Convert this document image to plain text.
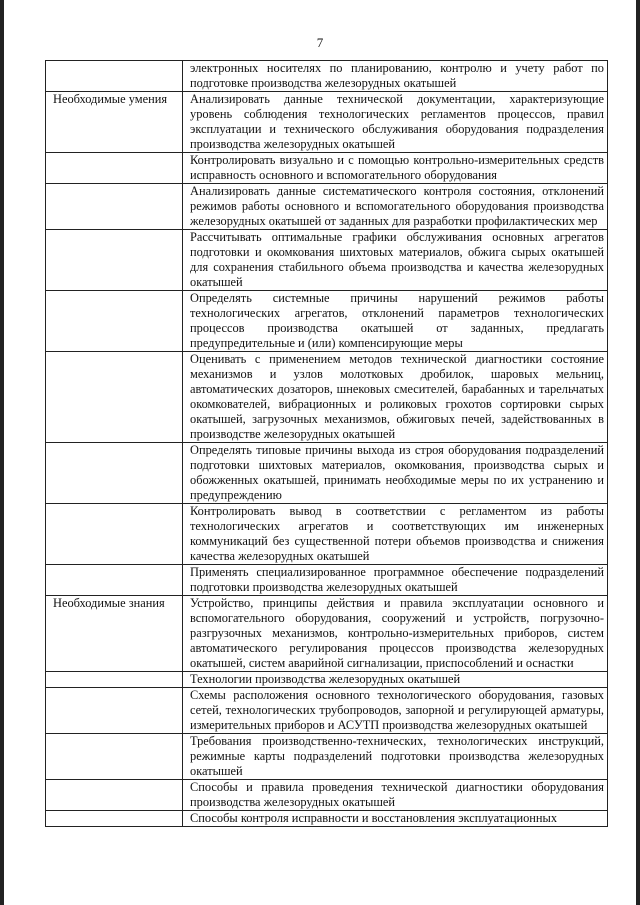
7
	электронных носителях по планированию, контролю и учету работ по подготовке производства железорудных окатышей
Необходимые умения	Анализировать данные технической документации, характеризующие уровень соблюдения технологических регламентов процессов, правил эксплуатации и технического обслуживания оборудования подразделения производства железорудных окатышей
	Контролировать визуально и с помощью контрольно-измерительных средств исправность основного и вспомогательного оборудования
	Анализировать данные систематического контроля состояния, отклонений режимов работы основного и вспомогательного оборудования производства железорудных окатышей от заданных для разработки профилактических мер
	Рассчитывать оптимальные графики обслуживания основных агрегатов подготовки и окомкования шихтовых материалов, обжига сырых окатышей для сохранения стабильного объема производства и качества железорудных окатышей
	Определять системные причины нарушений режимов работы технологических агрегатов, отклонений параметров технологических процессов производства окатышей от заданных, предлагать предупредительные и (или) компенсирующие меры
	Оценивать с применением методов технической диагностики состояние механизмов и узлов молотковых дробилок, шаровых мельниц, автоматических дозаторов, шнековых смесителей, барабанных и тарельчатых окомкователей, вибрационных и роликовых грохотов сортировки сырых окатышей, загрузочных механизмов, обжиговых печей, задействованных в производстве железорудных окатышей
	Определять типовые причины выхода из строя оборудования подразделений подготовки шихтовых материалов, окомкования, производства сырых и обожженных окатышей, принимать необходимые меры по их устранению и предупреждению
	Контролировать вывод в соответствии с регламентом из работы технологических агрегатов и соответствующих им инженерных коммуникаций без существенной потери объемов производства и снижения качества железорудных окатышей
	Применять специализированное программное обеспечение подразделений подготовки производства железорудных окатышей
Необходимые знания	Устройство, принципы действия и правила эксплуатации основного и вспомогательного оборудования, сооружений и устройств, погрузочно-разгрузочных механизмов, контрольно-измерительных приборов, систем автоматического регулирования процессов производства железорудных окатышей, систем аварийной сигнализации, приспособлений и оснастки
	Технологии производства железорудных окатышей
	Схемы расположения основного технологического оборудования, газовых сетей, технологических трубопроводов, запорной и регулирующей арматуры, измерительных приборов и АСУТП производства железорудных окатышей
	Требования производственно-технических, технологических инструкций, режимные карты подразделений подготовки производства железорудных окатышей
	Способы и правила проведения технической диагностики оборудования производства железорудных окатышей
	Способы контроля исправности и восстановления эксплуатационных
